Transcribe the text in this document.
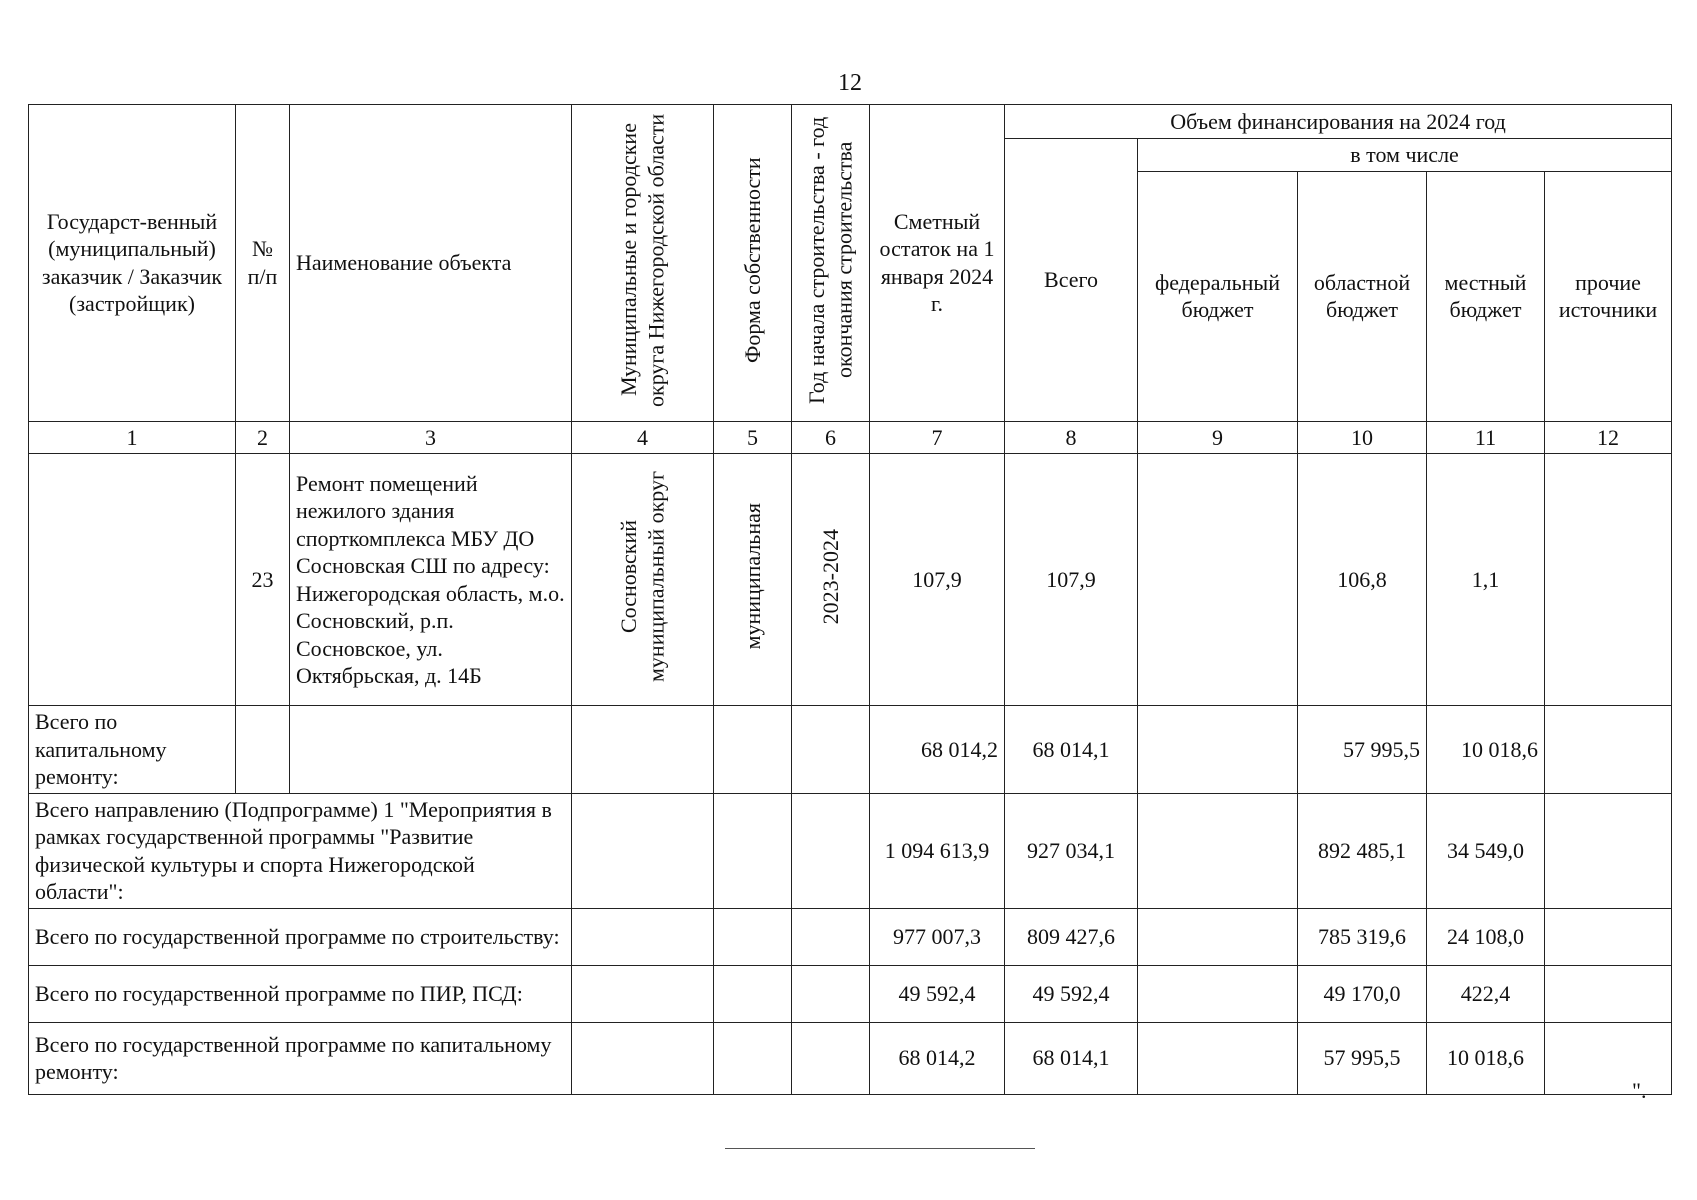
12
Государст-венный (муниципальный) заказчик / Заказчик (застройщик)	№ п/п	Наименование объекта	Муниципальные и городские округа Нижегородской области	Форма собственности	Год начала строительства - год окончания строительства	Сметный остаток на 1 января 2024 г.	Объем финансирования на 2024 год				
							Всего	в том числе			
								федеральный бюджет	областной бюджет	местный бюджет	прочие источники
1	2	3	4	5	6	7	8	9	10	11	12
	23	Ремонт помещений нежилого здания спорткомплекса МБУ ДО Сосновская СШ по адресу: Нижегородская область, м.о. Сосновский, р.п. Сосновское, ул. Октябрьская, д. 14Б	Сосновский муниципальный округ	муниципальная	2023-2024	107,9	107,9		106,8	1,1	
Всего по капитальному ремонту:						68 014,2	68 014,1		57 995,5	10 018,6	
Всего направлению (Подпрограмме) 1 "Мероприятия в рамках государственной программы "Развитие физической культуры и спорта Нижегородской области":						1 094 613,9	927 034,1		892 485,1	34 549,0	
Всего по государственной программе по строительству:						977 007,3	809 427,6		785 319,6	24 108,0	
Всего по государственной программе по ПИР, ПСД:						49 592,4	49 592,4		49 170,0	422,4	
Всего по государственной программе по капитальному ремонту:						68 014,2	68 014,1		57 995,5	10 018,6	
".
